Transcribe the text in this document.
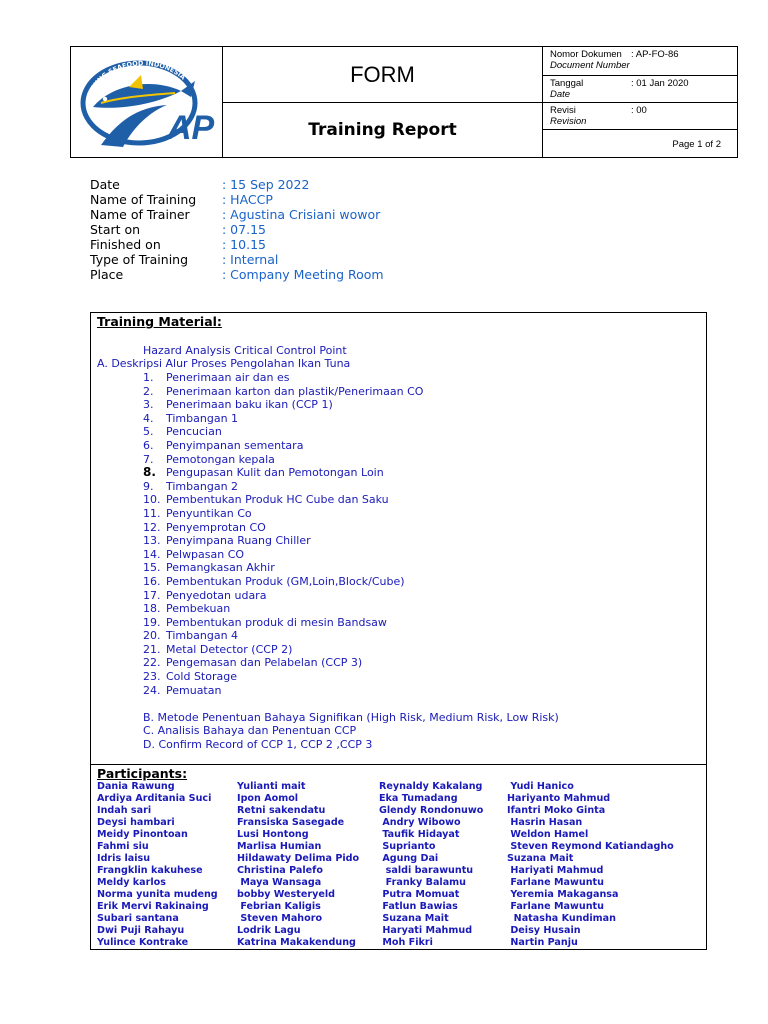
PT. AGUNG SEAFOOD INDONESIA
AP
FORM
Training Report
Nomor Dokumen
Document Number
: AP-FO-86
Tanggal
Date
: 01 Jan 2020
Revisi
Revision
: 00
Page 1 of 2
Date	: 15 Sep 2022
Name of Training	: HACCP
Name of Trainer	: Agustina Crisiani wowor
Start on	: 07.15
Finished on	: 10.15
Type of Training	: Internal
Place	: Company Meeting Room
Training Material:
Hazard Analysis Critical Control Point
A. Deskripsi Alur Proses Pengolahan Ikan Tuna
1.	Penerimaan air dan es
2.	Penerimaan karton dan plastik/Penerimaan CO
3.	Penerimaan baku ikan (CCP 1)
4.	Timbangan 1
5.	Pencucian
6.	Penyimpanan sementara
7.	Pemotongan kepala
8. Pengupasan Kulit dan Pemotongan Loin
9.	Timbangan 2
10. Pembentukan Produk HC Cube dan Saku
11. Penyuntikan Co
12. Penyemprotan CO
13. Penyimpana Ruang Chiller
14. Pelwpasan CO
15. Pemangkasan Akhir
16. Pembentukan Produk (GM,Loin,Block/Cube)
17. Penyedotan udara
18. Pembekuan
19. Pembentukan produk di mesin Bandsaw
20. Timbangan 4
21. Metal Detector (CCP 2)
22. Pengemasan dan Pelabelan (CCP 3)
23. Cold Storage
24. Pemuatan
B. Metode Penentuan Bahaya Signifikan (High Risk, Medium Risk, Low Risk)
C. Analisis Bahaya dan Penentuan CCP
D. Confirm Record of CCP 1, CCP 2 ,CCP 3
Participants:
Dania Rawung
Ardiya Arditania Suci
Indah sari
Deysi hambari
Meidy Pinontoan
Fahmi siu
Idris laisu
Frangklin kakuhese
Meldy karlos
Norma yunita mudeng
Erik Mervi Rakinaing
Subari santana
Dwi Puji Rahayu
Yulince Kontrake
Yulianti mait
Ipon Aomol
Retni sakendatu
Fransiska Sasegade
Lusi Hontong
Marlisa Humian
Hildawaty Delima Pido
Christina Palefo
Maya Wansaga
bobby Westeryeld
Febrian Kaligis
Steven Mahoro
Lodrik Lagu
Katrina Makakendung
Reynaldy Kakalang
Eka Tumadang
Glendy Rondonuwo
Andry Wibowo
Taufik Hidayat
Suprianto
Agung Dai
saldi barawuntu
Franky Balamu
Putra Momuat
Fatlun Bawias
Suzana Mait
Haryati Mahmud
Moh Fikri
Yudi Hanico
Hariyanto Mahmud
Ifantri Moko Ginta
Hasrin Hasan
Weldon Hamel
Steven Reymond Katiandagho
Suzana Mait
Hariyati Mahmud
Farlane Mawuntu
Yeremia Makagansa
Farlane Mawuntu
Natasha Kundiman
Deisy Husain
Nartin Panju
